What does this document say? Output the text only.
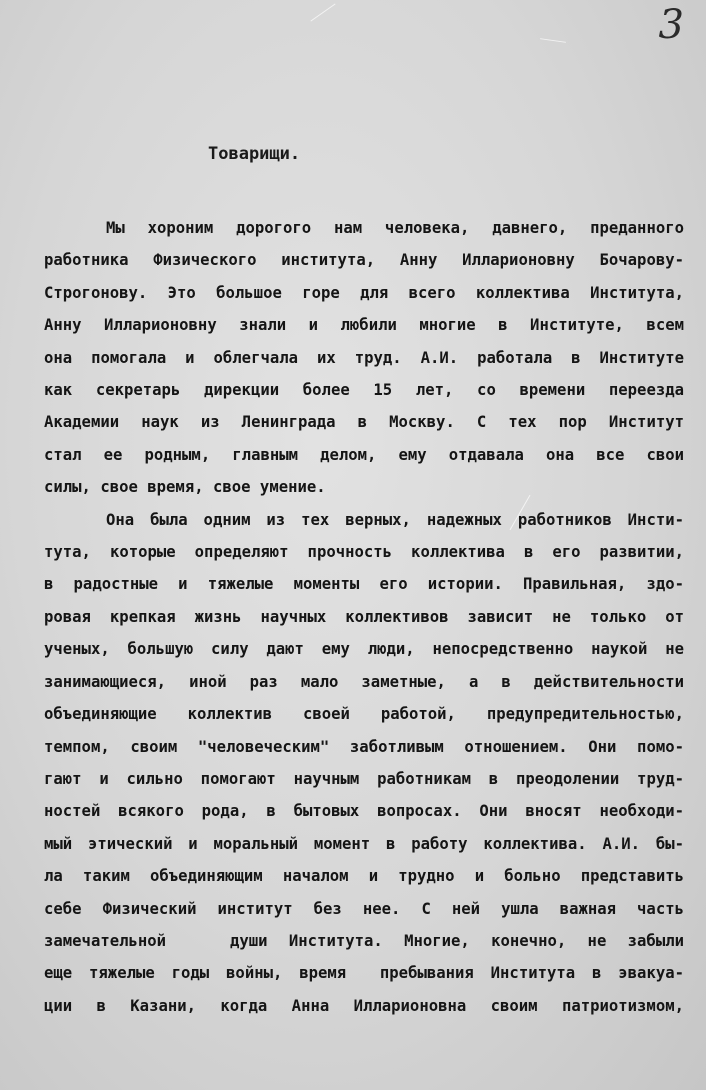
3
Товарищи.

Мы хороним дорогого нам человека, давнего, преданного
работника Физического института, Анну Илларионовну Бочарову-
Строгонову. Это большое горе для всего коллектива Института,
Анну Илларионовну знали и любили многие в Институте, всем
она помогала и облегчала их труд. А.И. работала в Институте
как секретарь дирекции более 15 лет, со времени переезда
Академии наук из Ленинграда в Москву. С тех пор Институт
стал ее родным, главным делом, ему отдавала она все свои
силы, свое время, свое умение.

Она была одним из тех верных, надежных работников Инсти-
тута, которые определяют прочность коллектива в его развитии,
в радостные и тяжелые моменты его истории. Правильная, здо-
ровая крепкая жизнь научных коллективов зависит не только от
ученых, большую силу дают ему люди, непосредственно наукой не
занимающиеся, иной раз мало заметные, а в действительности
объединяющие коллектив своей работой, предупредительностью,
темпом, своим "человеческим" заботливым отношением. Они помо-
гают и сильно помогают научным работникам в преодолении труд-
ностей всякого рода, в бытовых вопросах. Они вносят необходи-
мый этический и моральный момент в работу коллектива. А.И. бы-
ла таким объединяющим началом и трудно и больно представить
себе Физический институт без нее. С ней ушла важная часть
замечательной   души Института. Многие, конечно, не забыли
еще тяжелые годы войны, время  пребывания Института в эвакуа-
ции в Казани, когда Анна Илларионовна своим патриотизмом,
